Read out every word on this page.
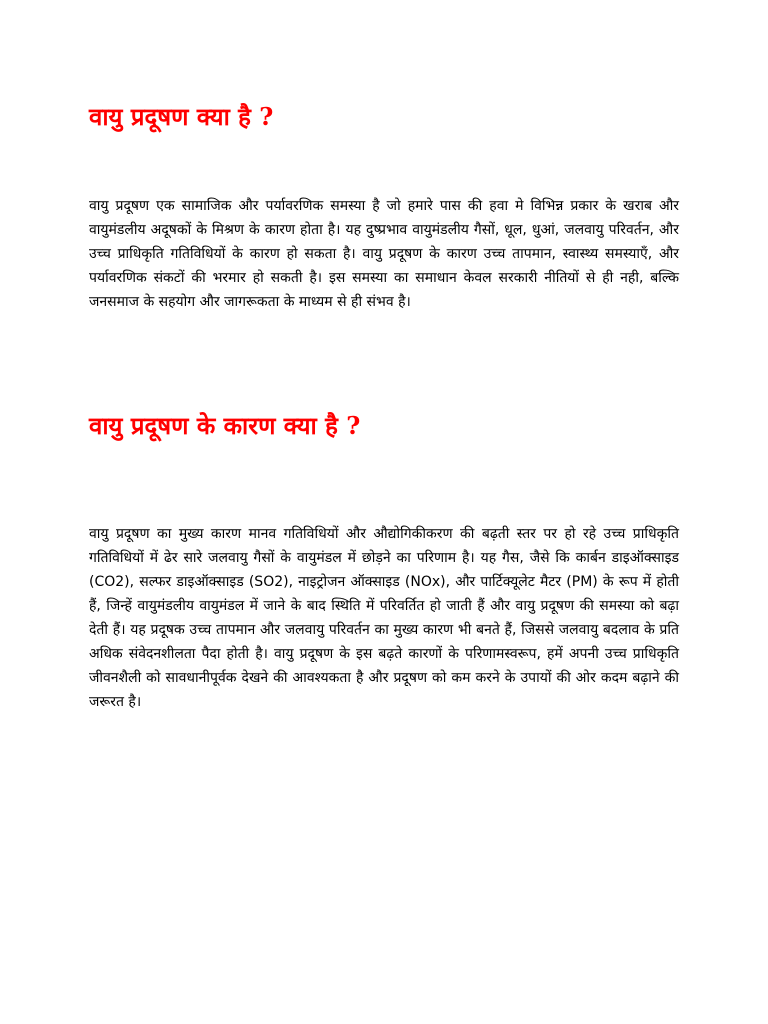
वायु प्रदूषण क्या है ?

वायु प्रदूषण एक सामाजिक और पर्यावरणिक समस्या है जो हमारे पास की हवा मे विभिन्न प्रकार के खराब और वायुमंडलीय अदूषकों के मिश्रण के कारण होता है। यह दुष्प्रभाव वायुमंडलीय गैसों, धूल, धुआं, जलवायु परिवर्तन, और उच्च प्राधिकृति गतिविधियों के कारण हो सकता है। वायु प्रदूषण के कारण उच्च तापमान, स्वास्थ्य समस्याएँ, और पर्यावरणिक संकटों की भरमार हो सकती है। इस समस्या का समाधान केवल सरकारी नीतियों से ही नही, बल्कि जनसमाज के सहयोग और जागरूकता के माध्यम से ही संभव है।

वायु प्रदूषण के कारण क्या है ?

वायु प्रदूषण का मुख्य कारण मानव गतिविधियों और औद्योगिकीकरण की बढ़ती स्तर पर हो रहे उच्च प्राधिकृति गतिविधियों में ढेर सारे जलवायु गैसों के वायुमंडल में छोड़ने का परिणाम है। यह गैस, जैसे कि कार्बन डाइऑक्साइड (CO2), सल्फर डाइऑक्साइड (SO2), नाइट्रोजन ऑक्साइड (NOx), और पार्टिक्यूलेट मैटर (PM) के रूप में होती हैं, जिन्हें वायुमंडलीय वायुमंडल में जाने के बाद स्थिति में परिवर्तित हो जाती हैं और वायु प्रदूषण की समस्या को बढ़ा देती हैं। यह प्रदूषक उच्च तापमान और जलवायु परिवर्तन का मुख्य कारण भी बनते हैं, जिससे जलवायु बदलाव के प्रति अधिक संवेदनशीलता पैदा होती है। वायु प्रदूषण के इस बढ़ते कारणों के परिणामस्वरूप, हमें अपनी उच्च प्राधिकृति जीवनशैली को सावधानीपूर्वक देखने की आवश्यकता है और प्रदूषण को कम करने के उपायों की ओर कदम बढ़ाने की जरूरत है।
